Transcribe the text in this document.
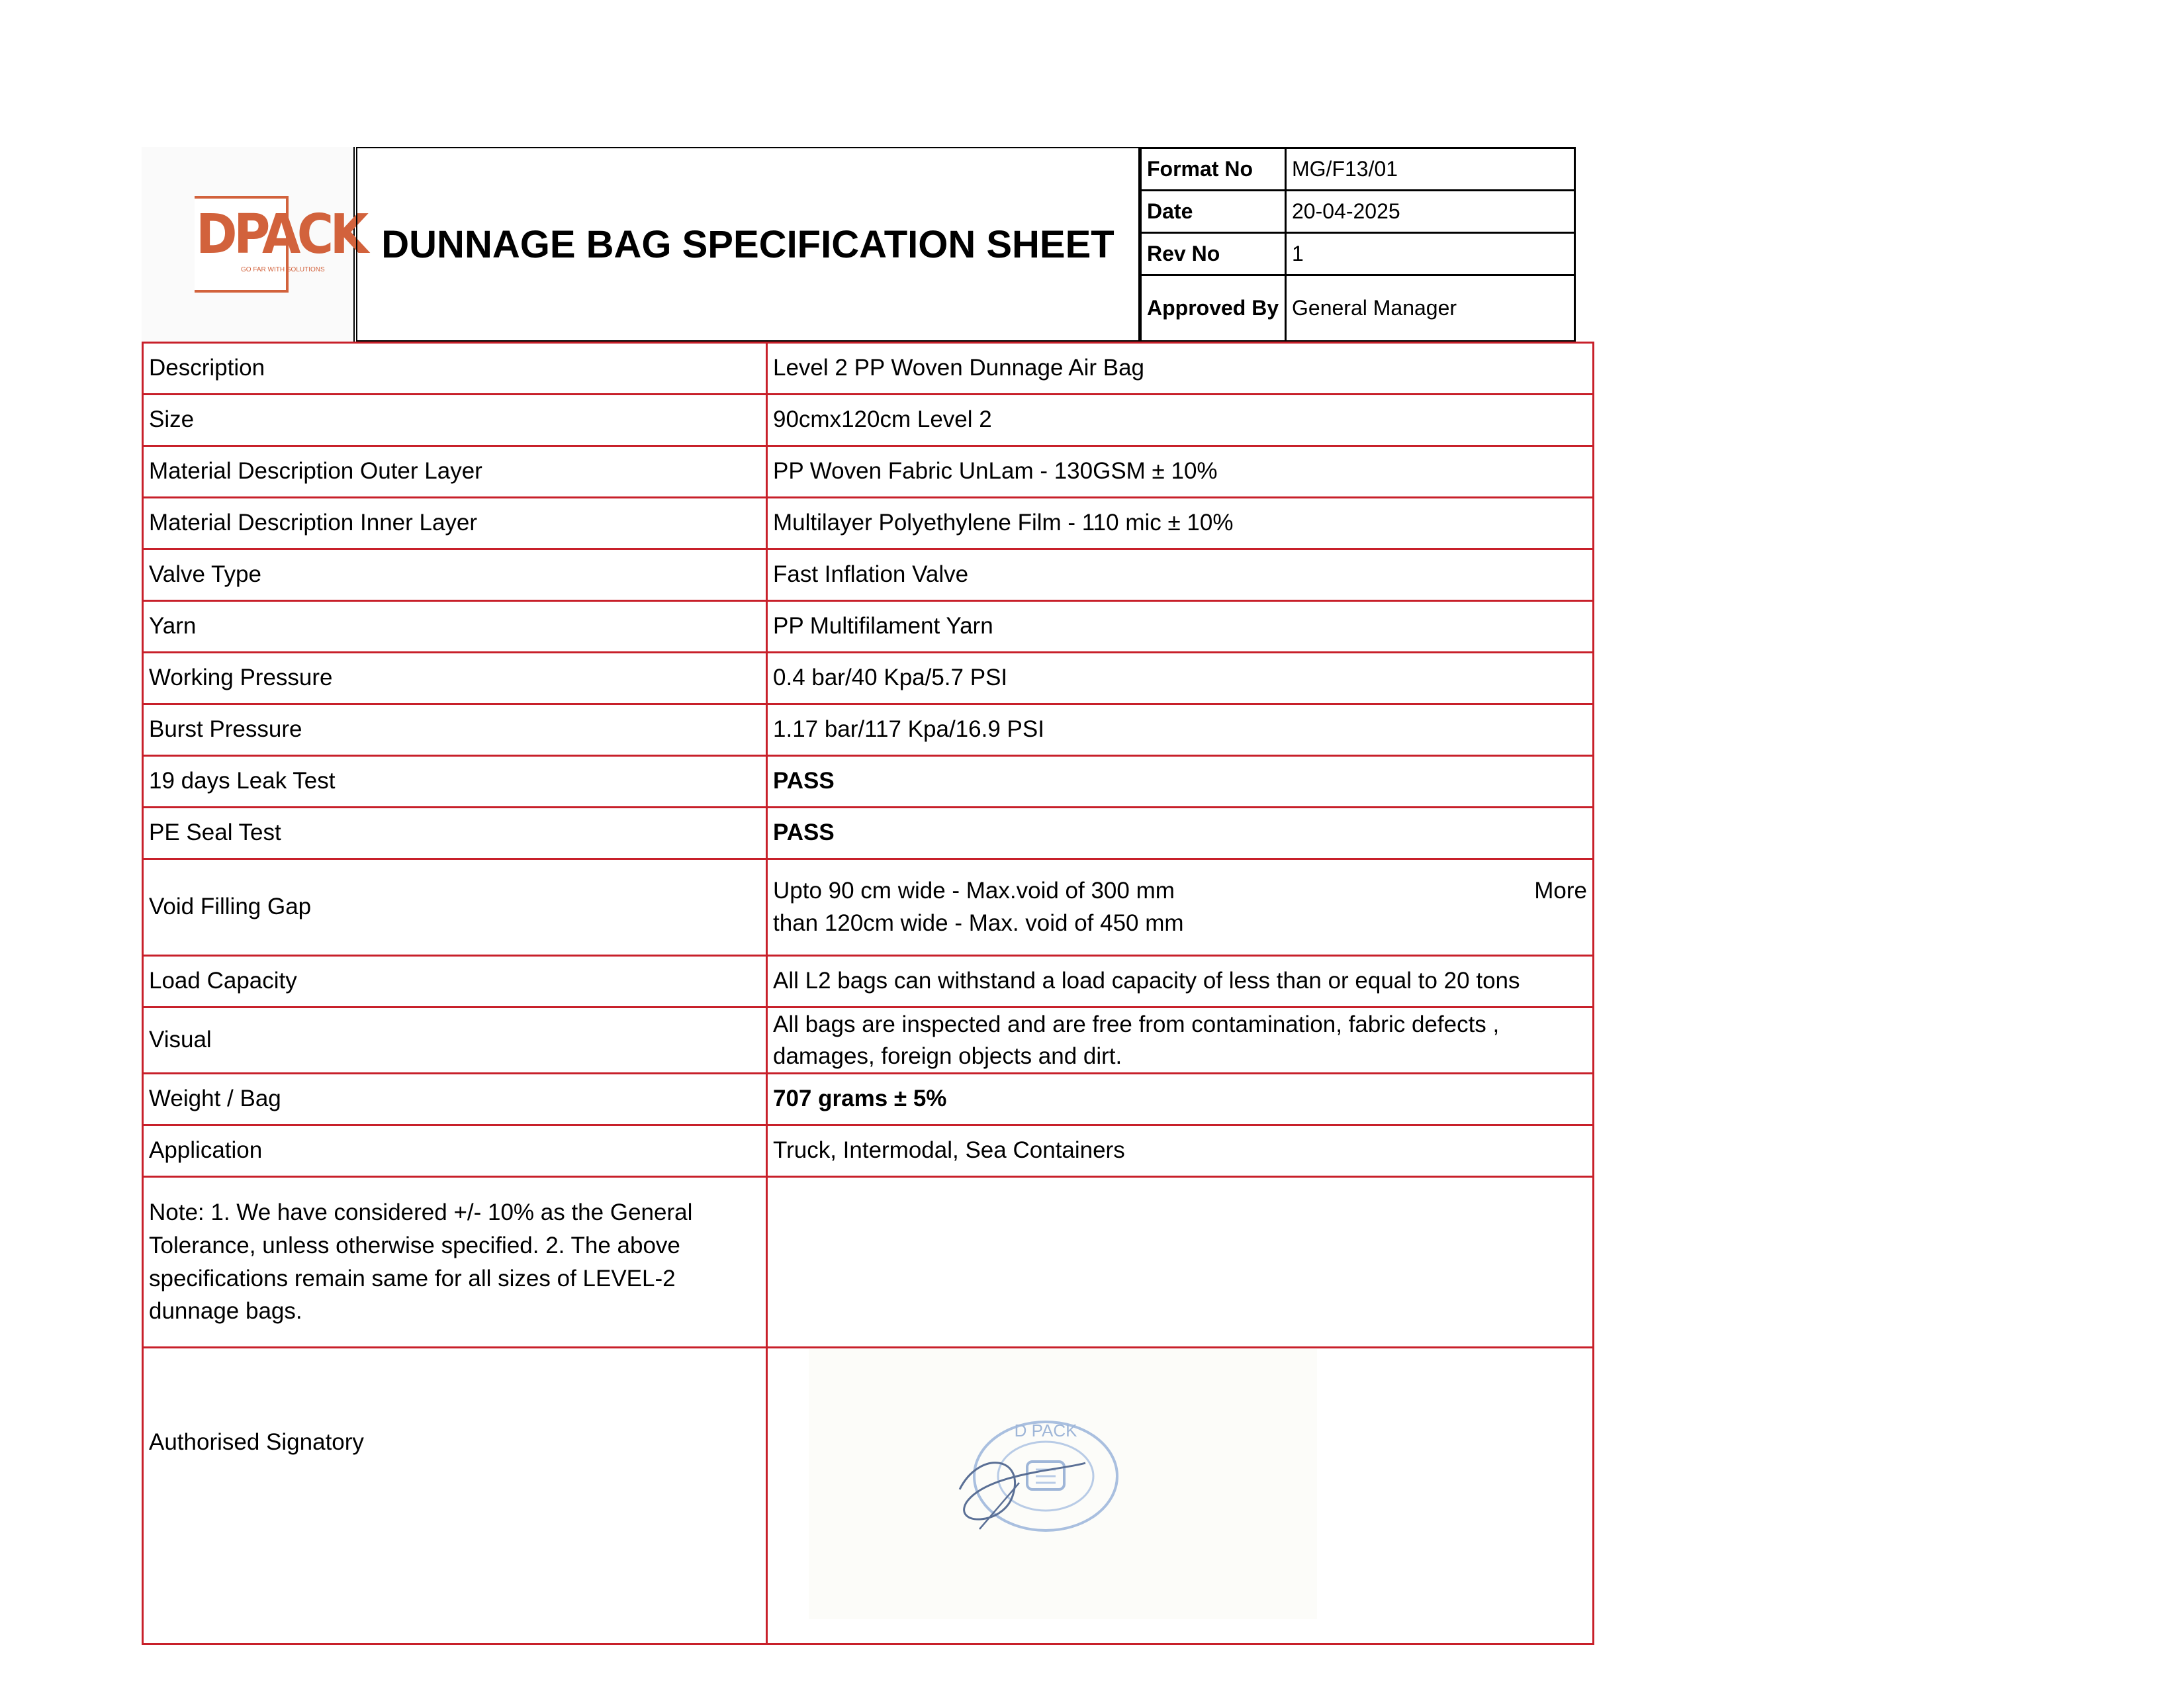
DPACK
GO FAR WITH SOLUTIONS
DUNNAGE BAG SPECIFICATION SHEET
Format No	MG/F13/01
Date	20-04-2025
Rev No	1
Approved By	General Manager
Description	Level 2 PP Woven Dunnage Air Bag
Size	90cmx120cm Level 2
Material Description Outer Layer	PP Woven Fabric UnLam - 130GSM ± 10%
Material Description Inner Layer	Multilayer Polyethylene Film - 110 mic ± 10%
Valve Type	Fast Inflation Valve
Yarn	PP Multifilament Yarn
Working Pressure	0.4 bar/40 Kpa/5.7 PSI
Burst Pressure	1.17 bar/117 Kpa/16.9 PSI
19 days Leak Test	PASS
PE Seal Test	PASS
Void Filling Gap	Upto 90 cm wide - Max.void of 300 mm More
than 120cm wide - Max. void of 450 mm

Load Capacity	All L2 bags can withstand a load capacity of less than or equal to 20 tons
Visual	All bags are inspected and are free from contamination, fabric defects , damages, foreign objects and dirt.
Weight / Bag	707 grams ± 5%
Application	Truck, Intermodal, Sea Containers
Note: 1. We have considered +/- 10% as the General Tolerance, unless otherwise specified. 2. The above specifications remain same for all sizes of LEVEL-2 dunnage bags.	
Authorised Signatory		D PACK
